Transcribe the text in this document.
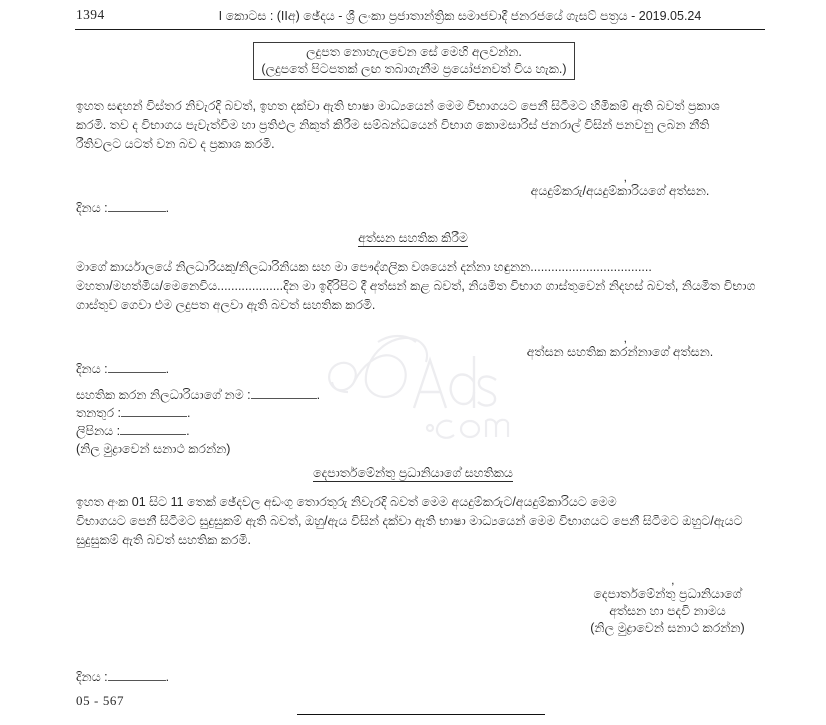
1394	I කොටස : (IIඅ) ඡේදය - ශ්‍රී ලංකා ප්‍රජාතාන්ත්‍රික සමාජවාදී ජනරජයේ ගැසට් පත්‍රය - 2019.05.24
ලදුපත නොහැලවෙන සේ මෙහි අලවන්න.
(ලදුපතේ පිටපතක් ලඟ තබාගැනීම ප්‍රයෝජනවත් විය හැක.)
ඉහත සඳහන් විස්තර නිවැරදි බවත්, ඉහත දක්වා ඇති භාෂා මාධ්‍යයෙන් මෙම විභාගයට පෙනී සිටීමට හිමිකම් ඇති බවත් ප්‍රකාශ
කරමි. තව ද විභාගය පැවැත්වීම හා ප්‍රතිඵල නිකුත් කිරීම සම්බන්ධයෙන් විභාග කොමසාරිස් ජනරාල් විසින් පනවනු ලබන නීති
රීතිවලට යටත් වන බව ද ප්‍රකාශ කරමි.
,
අයදුම්කරු/අයදුම්කාරියගේ අත්සන.
දිනය :	.
අත්සන සහතික කිරීම
මාගේ කාර්යාලයේ නිලධාරියකු/නිලධාරිනියක සහ මා පෞද්ගලික වශයෙන් දන්නා හඳුනන...................................
මහතා/මහත්මිය/මෙනෙවිය...................දින මා ඉදිරිපිට දී අත්සන් කළ බවත්, නියමිත විභාග ගාස්තුවෙන් නිදහස් බවත්, නියමිත විභාග
ගාස්තුව ගෙවා එම ලදුපත අලවා ඇති බවත් සහතික කරමි.
,
අත්සන සහතික කරන්නාගේ අත්සන.
දිනය :	.
සහතික කරන නිලධාරියාගේ නම :	.
තනතුර :	.
ලිපිනය :	.
(නිල මුද්‍රාවෙන් සනාථ කරන්න)
දෙපාර්තමේන්තු ප්‍රධානියාගේ සහතිකය
ඉහත අංක 01 සිට 11 තෙක් ඡේදවල අඩංගු තොරතුරු නිවැරදි බවත් මෙම අයදුම්කරුට/අයදුම්කාරියට මෙම
විභාගයට පෙනී සිටීමට සුදුසුකම් ඇති බවත්, ඔහු/ඇය විසින් දක්වා ඇති භාෂා මාධ්‍යයෙන් මෙම විභාගයට පෙනී සිටීමට ඔහුට/ඇයට
සුදුසුකම් ඇති බවත් සහතික කරමි.
,
දෙපාර්තමේන්තු ප්‍රධානියාගේ
අත්සන හා පදවි නාමය
(නිල මුද්‍රාවෙන් සනාථ කරන්න)
දිනය :	.
05 - 567
